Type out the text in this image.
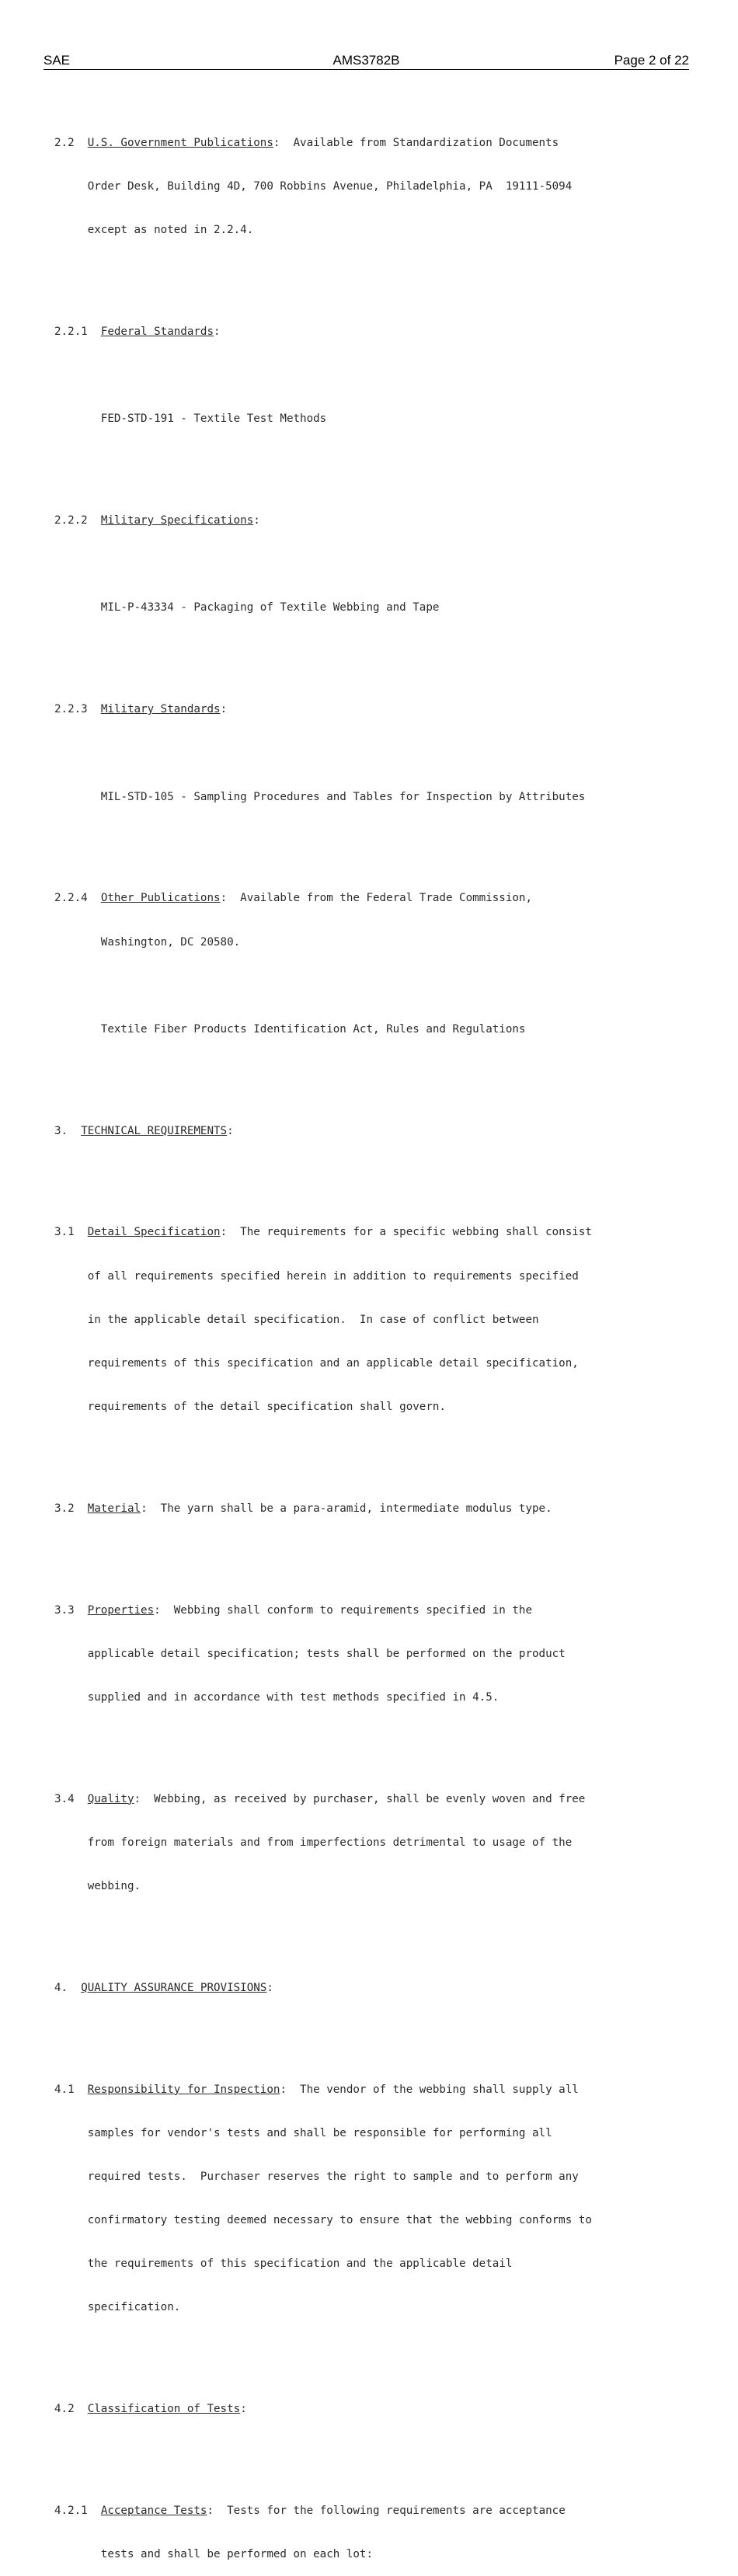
SAE	AMS3782B	Page 2 of 22

2.2 U.S. Government Publications:  Available from Standardization Documents

Order Desk, Building 4D, 700 Robbins Avenue, Philadelphia, PA  19111-5094

except as noted in 2.2.4.

2.2.1 Federal Standards:

FED-STD-191 - Textile Test Methods

2.2.2 Military Specifications:

MIL-P-43334 - Packaging of Textile Webbing and Tape

2.2.3 Military Standards:

MIL-STD-105 - Sampling Procedures and Tables for Inspection by Attributes

2.2.4 Other Publications:  Available from the Federal Trade Commission,

Washington, DC 20580.

Textile Fiber Products Identification Act, Rules and Regulations

3. TECHNICAL REQUIREMENTS:

3.1 Detail Specification:  The requirements for a specific webbing shall consist

of all requirements specified herein in addition to requirements specified

in the applicable detail specification.  In case of conflict between

requirements of this specification and an applicable detail specification,

requirements of the detail specification shall govern.

3.2 Material:  The yarn shall be a para-aramid, intermediate modulus type.

3.3 Properties:  Webbing shall conform to requirements specified in the

applicable detail specification; tests shall be performed on the product

supplied and in accordance with test methods specified in 4.5.

3.4 Quality:  Webbing, as received by purchaser, shall be evenly woven and free

from foreign materials and from imperfections detrimental to usage of the

webbing.

4. QUALITY ASSURANCE PROVISIONS:

4.1 Responsibility for Inspection:  The vendor of the webbing shall supply all

samples for vendor's tests and shall be responsible for performing all

required tests.  Purchaser reserves the right to sample and to perform any

confirmatory testing deemed necessary to ensure that the webbing conforms to

the requirements of this specification and the applicable detail

specification.

4.2 Classification of Tests:

4.2.1 Acceptance Tests:  Tests for the following requirements are acceptance

tests and shall be performed on each lot:
